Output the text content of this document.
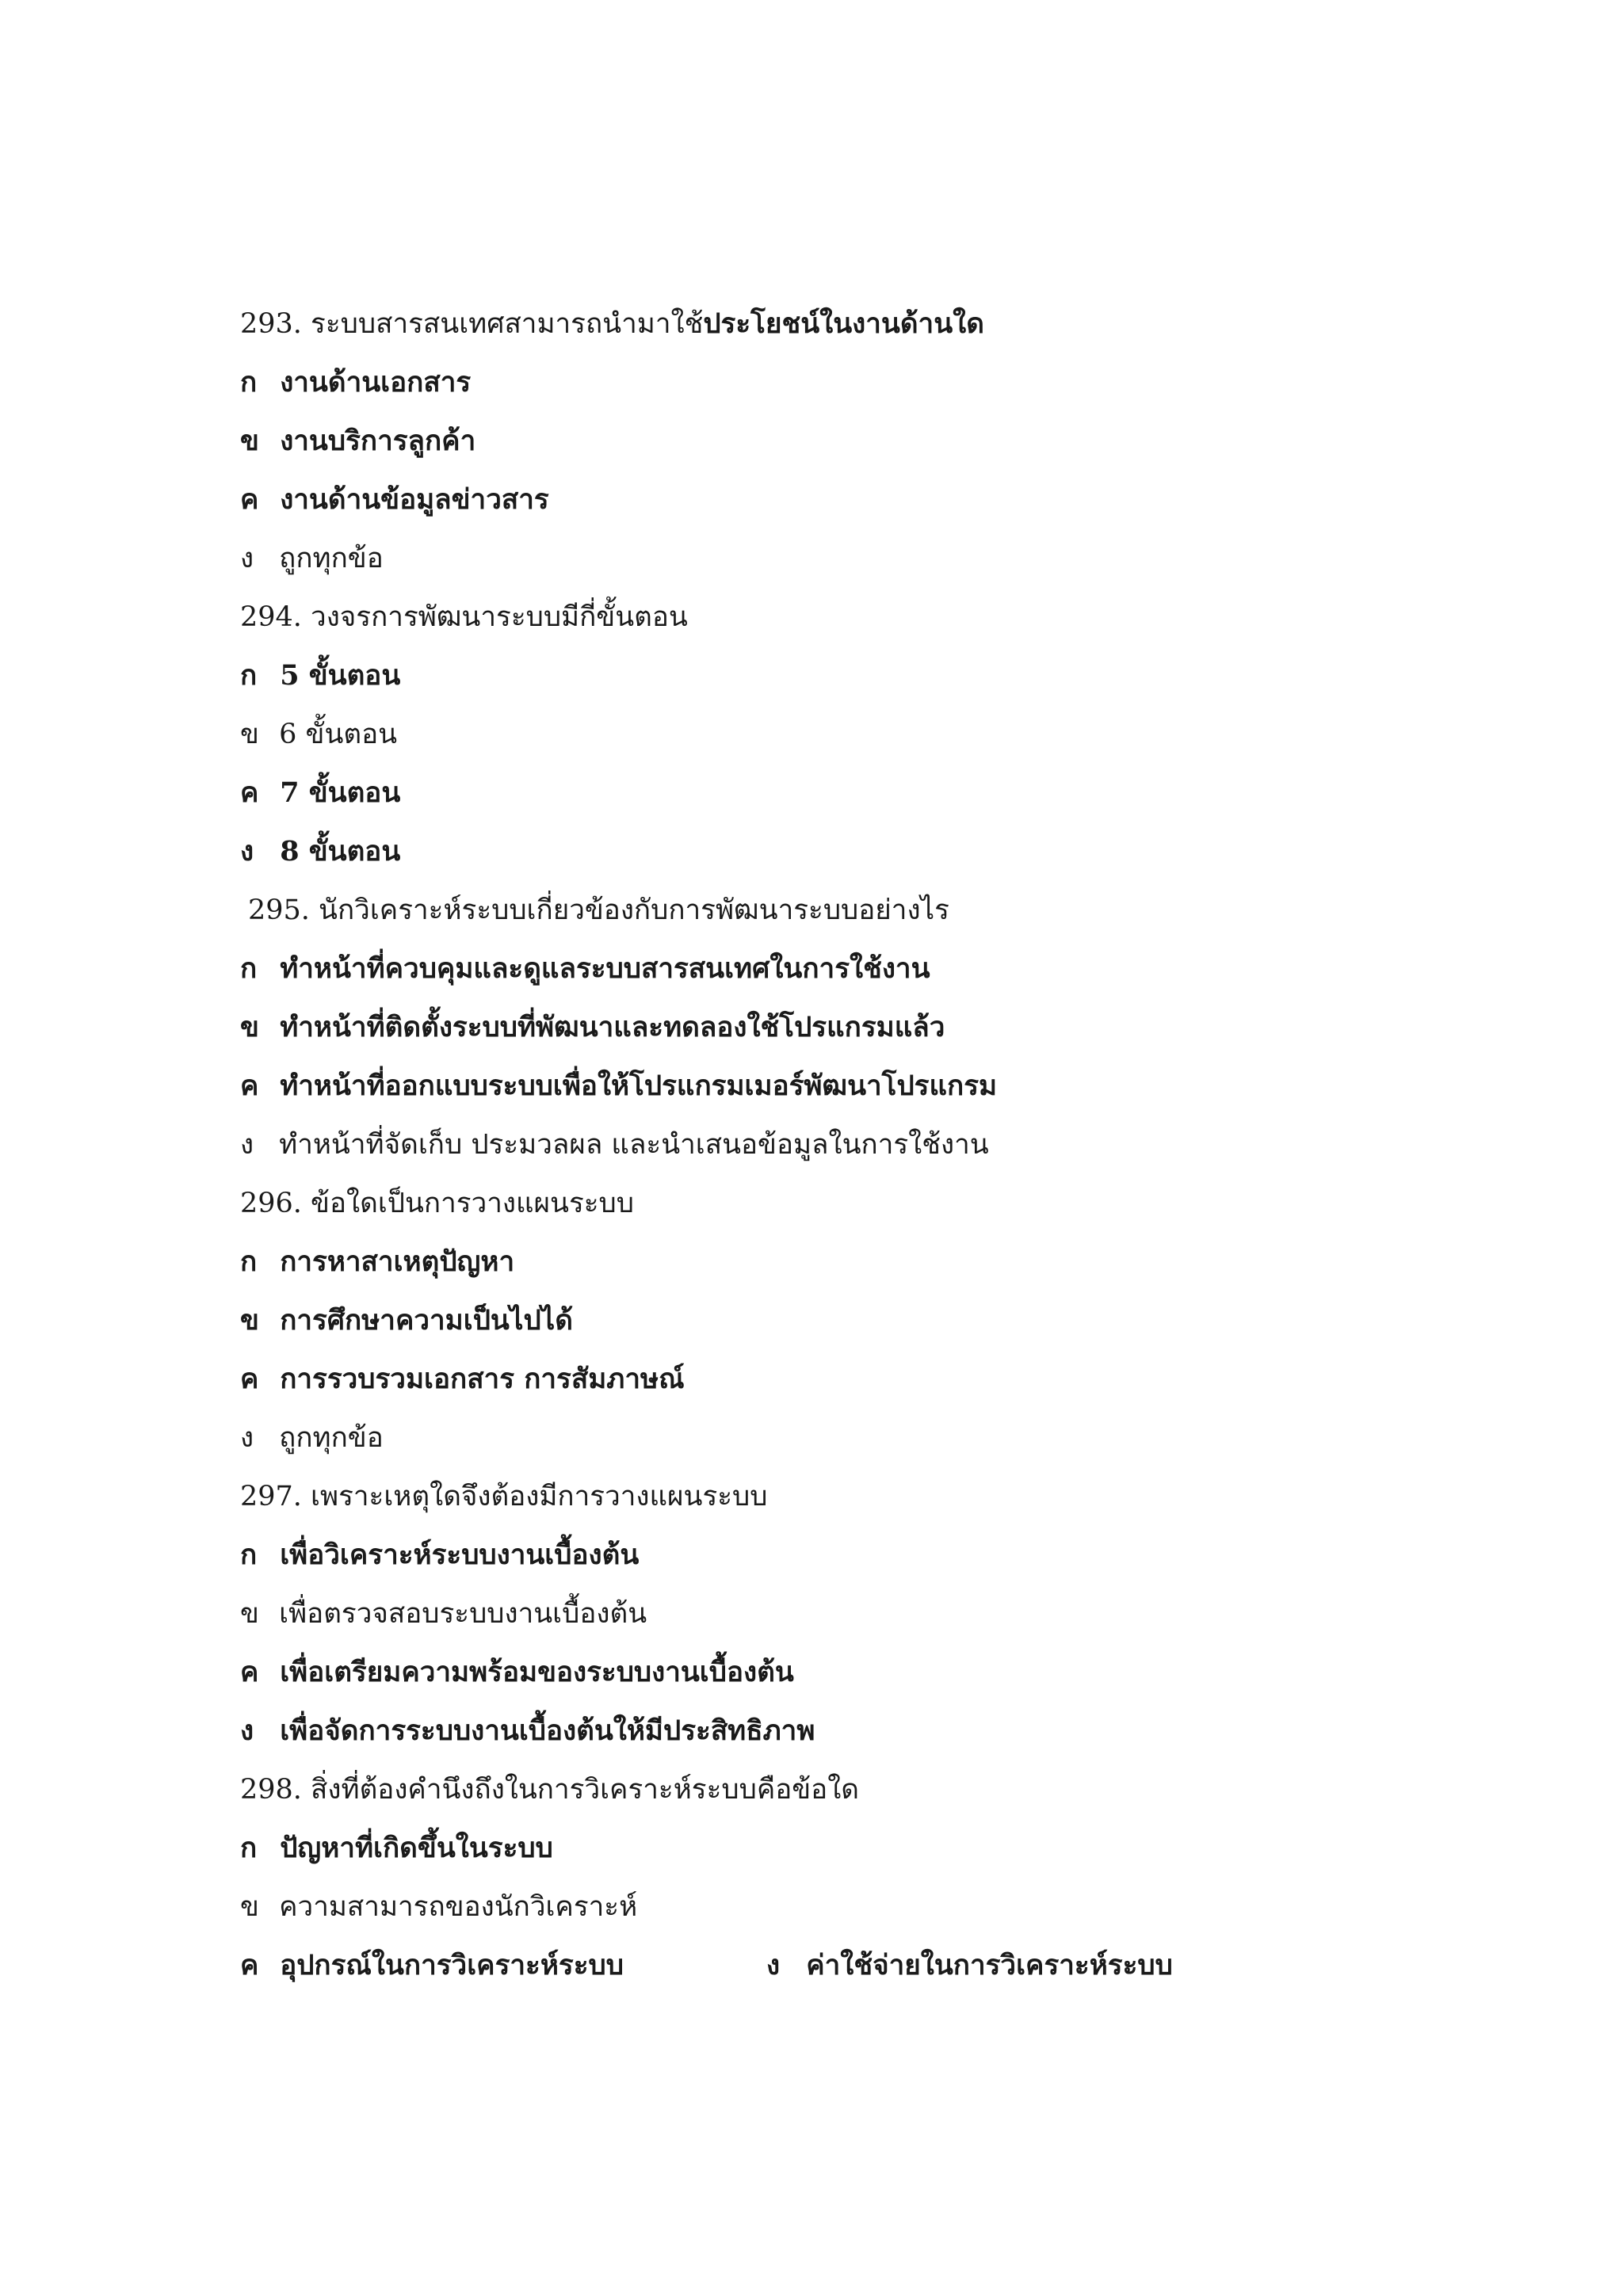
293. ระบบสารสนเทศสามารถนำมาใช้ประโยชน์ในงานด้านใด
ก งานด้านเอกสาร
ข งานบริการลูกค้า
ค งานด้านข้อมูลข่าวสาร
ง ถูกทุกข้อ
294. วงจรการพัฒนาระบบมีกี่ขั้นตอน
ก 5 ขั้นตอน
ข 6 ขั้นตอน
ค 7 ขั้นตอน
ง 8 ขั้นตอน
295. นักวิเคราะห์ระบบเกี่ยวข้องกับการพัฒนาระบบอย่างไร
ก ทำหน้าที่ควบคุมและดูแลระบบสารสนเทศในการใช้งาน
ข ทำหน้าที่ติดตั้งระบบที่พัฒนาและทดลองใช้โปรแกรมแล้ว
ค ทำหน้าที่ออกแบบระบบเพื่อให้โปรแกรมเมอร์พัฒนาโปรแกรม
ง ทำหน้าที่จัดเก็บ ประมวลผล และนำเสนอข้อมูลในการใช้งาน
296. ข้อใดเป็นการวางแผนระบบ
ก การหาสาเหตุปัญหา
ข การศึกษาความเป็นไปได้
ค การรวบรวมเอกสาร การสัมภาษณ์
ง ถูกทุกข้อ
297. เพราะเหตุใดจึงต้องมีการวางแผนระบบ
ก เพื่อวิเคราะห์ระบบงานเบื้องต้น
ข เพื่อตรวจสอบระบบงานเบื้องต้น
ค เพื่อเตรียมความพร้อมของระบบงานเบื้องต้น
ง เพื่อจัดการระบบงานเบื้องต้นให้มีประสิทธิภาพ
298. สิ่งที่ต้องคำนึงถึงในการวิเคราะห์ระบบคือข้อใด
ก ปัญหาที่เกิดขึ้นในระบบ
ข ความสามารถของนักวิเคราะห์
ค อุปกรณ์ในการวิเคราะห์ระบบ	ง ค่าใช้จ่ายในการวิเคราะห์ระบบ
